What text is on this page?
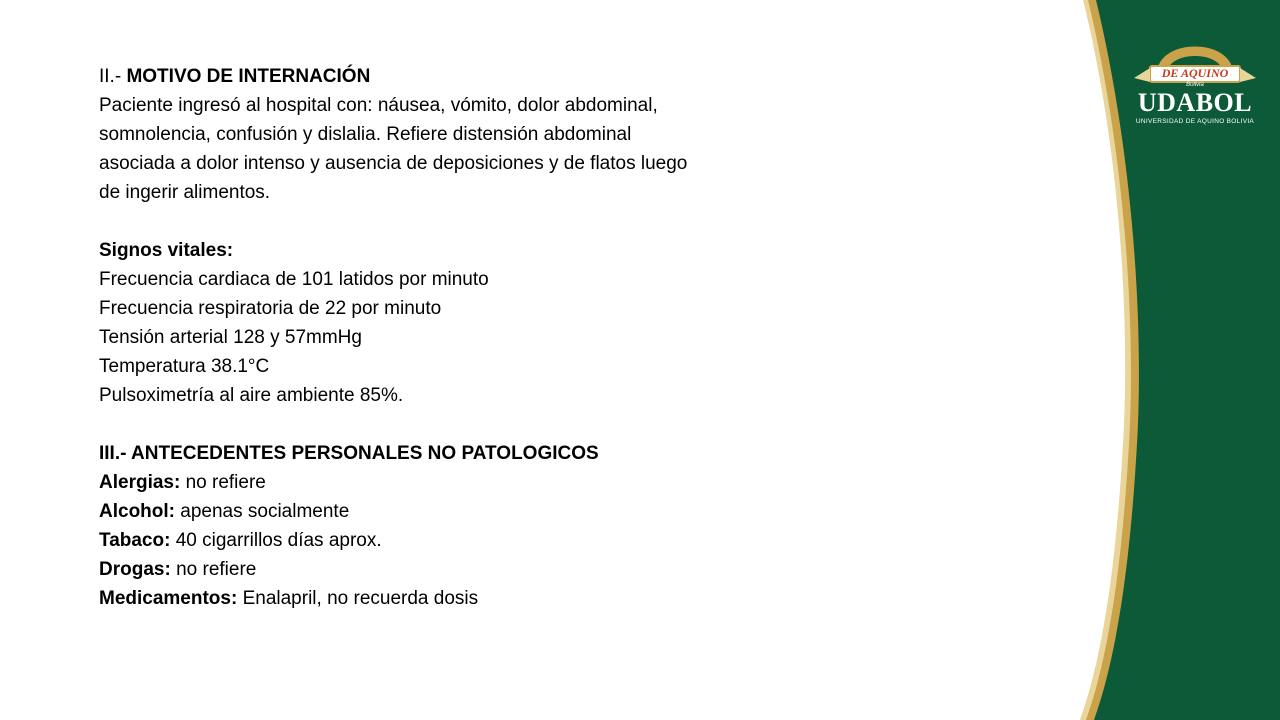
DE AQUINO
Bolivia
UDABOL
UNIVERSIDAD DE AQUINO BOLIVIA
II.- MOTIVO DE INTERNACIÓN
Paciente ingresó al hospital con: náusea, vómito, dolor abdominal,
somnolencia, confusión y dislalia. Refiere distensión abdominal
asociada a dolor intenso y ausencia de deposiciones y de flatos luego
de ingerir alimentos.
Signos vitales:
Frecuencia cardiaca de 101 latidos por minuto
Frecuencia respiratoria de 22 por minuto
Tensión arterial 128 y 57mmHg
Temperatura 38.1°C
Pulsoximetría al aire ambiente 85%.
III.- ANTECEDENTES PERSONALES NO PATOLOGICOS
Alergias: no refiere
Alcohol: apenas socialmente
Tabaco: 40 cigarrillos días aprox.
Drogas: no refiere
Medicamentos: Enalapril, no recuerda dosis
